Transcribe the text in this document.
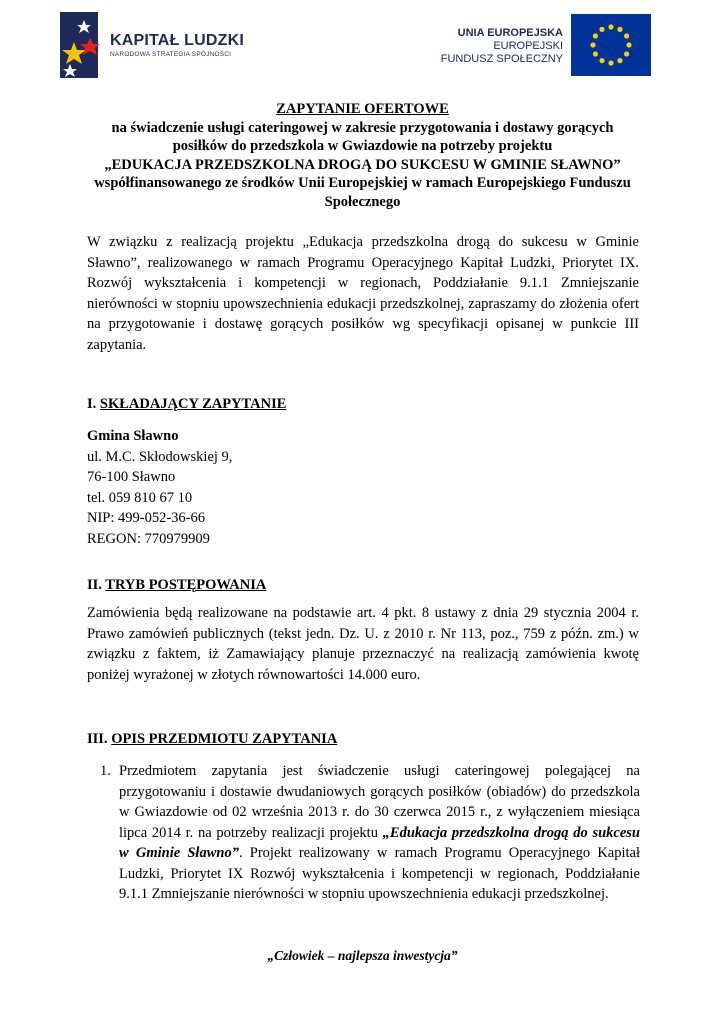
KAPITAŁ LUDZKI
NARODOWA STRATEGIA SPÓJNOŚCI
UNIA EUROPEJSKA
EUROPEJSKI
FUNDUSZ SPOŁECZNY
ZAPYTANIE OFERTOWE
na świadczenie usługi cateringowej w zakresie przygotowania i dostawy gorących
posiłków do przedszkola w Gwiazdowie na potrzeby projektu
„EDUKACJA PRZEDSZKOLNA DROGĄ DO SUKCESU W GMINIE SŁAWNO”
współfinansowanego ze środków Unii Europejskiej w ramach Europejskiego Funduszu
Społecznego
W związku z realizacją projektu „Edukacja przedszkolna drogą do sukcesu w Gminie Sławno”, realizowanego w ramach Programu Operacyjnego Kapitał Ludzki, Priorytet IX. Rozwój wykształcenia i kompetencji w regionach, Poddziałanie 9.1.1 Zmniejszanie nierówności w stopniu upowszechnienia edukacji przedszkolnej, zapraszamy do złożenia ofert na przygotowanie i dostawę gorących posiłków wg specyfikacji opisanej w punkcie III zapytania.
I. SKŁADAJĄCY ZAPYTANIE
Gmina Sławno
ul. M.C. Skłodowskiej 9,
76-100 Sławno
tel. 059 810 67 10
NIP: 499-052-36-66
REGON: 770979909
II. TRYB POSTĘPOWANIA
Zamówienia będą realizowane na podstawie art. 4 pkt. 8 ustawy z dnia 29 stycznia 2004 r. Prawo zamówień publicznych (tekst jedn. Dz. U. z 2010 r. Nr 113, poz., 759 z późn. zm.) w związku z faktem, iż Zamawiający planuje przeznaczyć na realizacją zamówienia kwotę poniżej wyrażonej w złotych równowartości 14.000 euro.
III. OPIS PRZEDMIOTU ZAPYTANIA
1. Przedmiotem zapytania jest świadczenie usługi cateringowej polegającej na przygotowaniu i dostawie dwudaniowych gorących posiłków (obiadów) do przedszkola w Gwiazdowie od 02 września 2013 r. do 30 czerwca 2015 r., z wyłączeniem miesiąca lipca 2014 r. na potrzeby realizacji projektu „Edukacja przedszkolna drogą do sukcesu w Gminie Sławno”. Projekt realizowany w ramach Programu Operacyjnego Kapitał Ludzki, Priorytet IX Rozwój wykształcenia i kompetencji w regionach, Poddziałanie 9.1.1 Zmniejszanie nierówności w stopniu upowszechnienia edukacji przedszkolnej.
„Człowiek – najlepsza inwestycja”
